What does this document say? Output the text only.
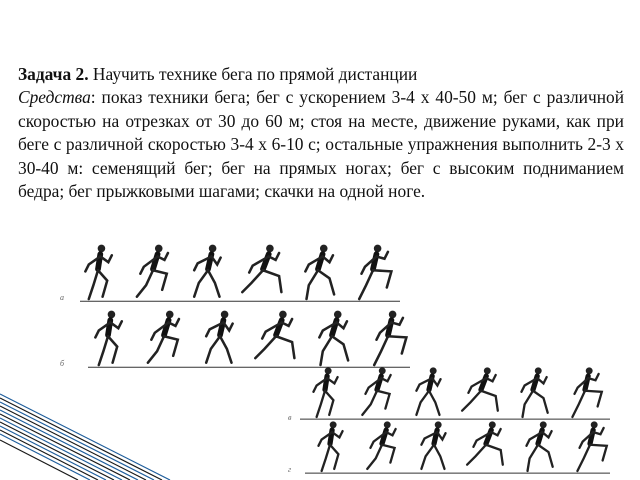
Задача 2. Научить технике бега по прямой дистанции

Средства: показ техники бега; бег с ускорением 3-4 х 40-50 м; бег с различной скоростью на отрезках от 30 до 60 м; стоя на месте, движение руками, как при беге с различной скоростью 3-4 х 6-10 с; остальные упражнения выполнить 2-3 х 30-40 м: семенящий бег; бег на прямых ногах; бег с высоким подниманием бедра; бег прыжковыми шагами; скачки на одной ноге.

а
б
в
г
